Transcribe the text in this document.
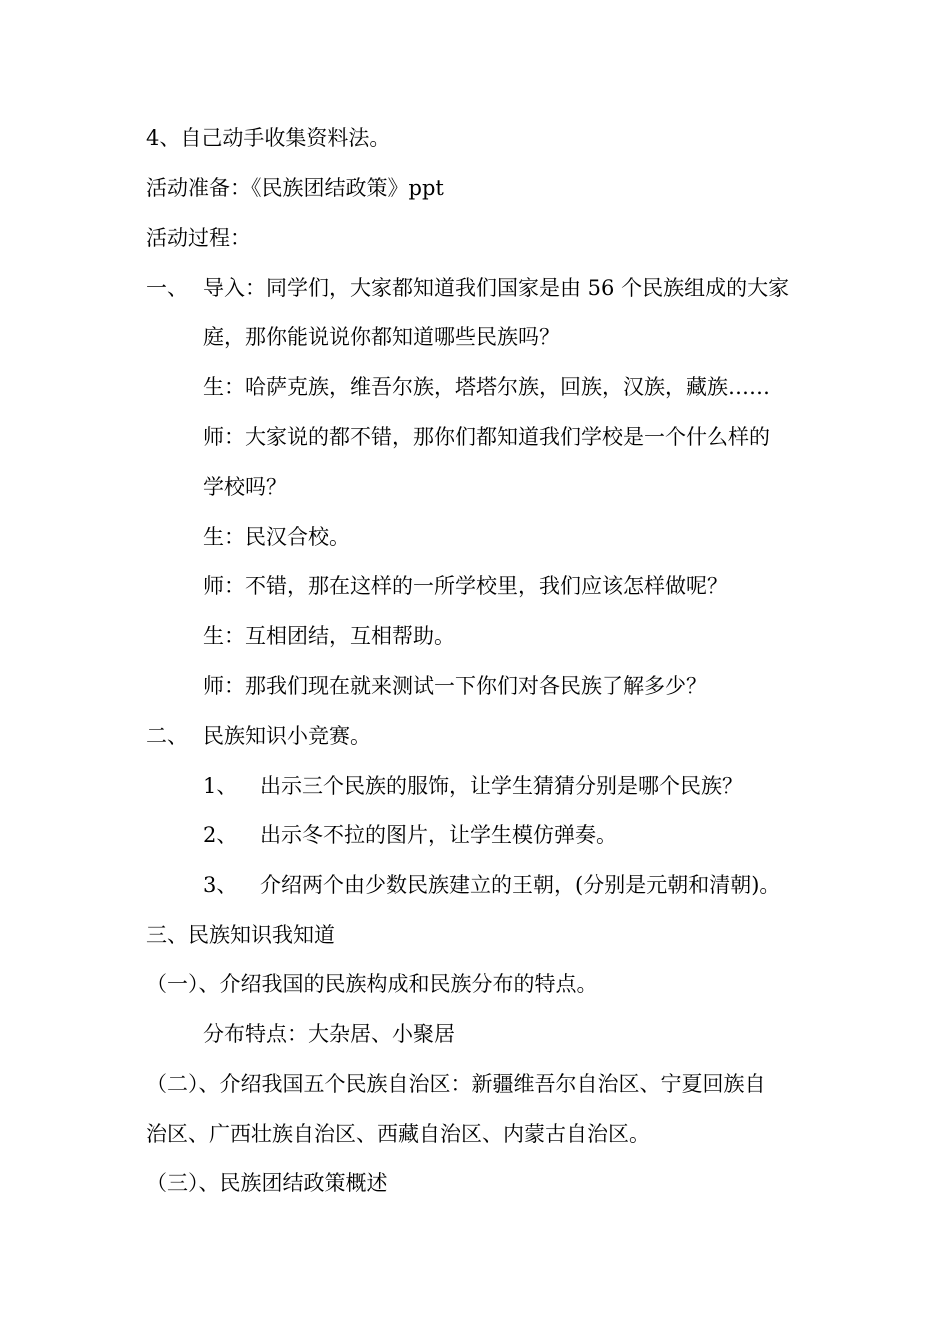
4、自己动手收集资料法。
活动准备：《民族团结政策》ppt
活动过程：
一、 导入：同学们，大家都知道我们国家是由 56 个民族组成的大家
庭，那你能说说你都知道哪些民族吗？
生：哈萨克族，维吾尔族，塔塔尔族，回族，汉族，藏族……
师：大家说的都不错，那你们都知道我们学校是一个什么样的
学校吗？
生：民汉合校。
师：不错，那在这样的一所学校里，我们应该怎样做呢？
生：互相团结，互相帮助。
师：那我们现在就来测试一下你们对各民族了解多少？
二、 民族知识小竞赛。
1、 出示三个民族的服饰，让学生猜猜分别是哪个民族？
2、 出示冬不拉的图片，让学生模仿弹奏。
3、 介绍两个由少数民族建立的王朝，(分别是元朝和清朝)。
三、民族知识我知道
（一）、介绍我国的民族构成和民族分布的特点。
分布特点：大杂居、小聚居
（二）、介绍我国五个民族自治区：新疆维吾尔自治区、宁夏回族自
治区、广西壮族自治区、西藏自治区、内蒙古自治区。
（三）、民族团结政策概述
